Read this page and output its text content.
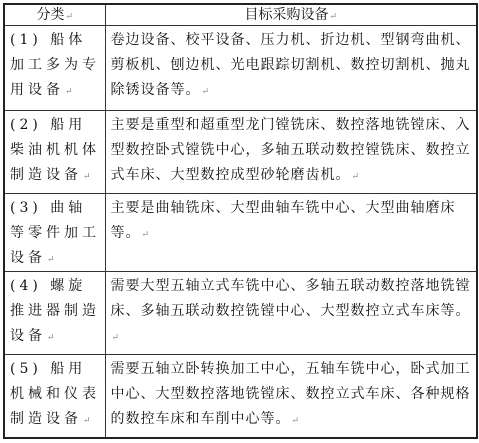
分类↵	目标采购设备↵
(1) 船体加工多为专用设备↵	卷边设备、校平设备、压力机、折边机、型钢弯曲机、剪板机、刨边机、光电跟踪切割机、数控切割机、抛丸除锈设备等。↵
(2) 船用柴油机机体制造设备↵	主要是重型和超重型龙门镗铣床、数控落地铣镗床、入型数控卧式镗铣中心，多轴五联动数控镗铣床、数控立式车床、大型数控成型砂轮磨齿机。↵
(3) 曲轴等零件加工设备↵	主要是曲轴铣床、大型曲轴车铣中心、大型曲轴磨床等。↵
(4) 螺旋推进器制造设备↵	需要大型五轴立式车铣中心、多轴五联动数控落地铣镗床、多轴五联动数控铣镗中心、大型数控立式车床等。↵
(5) 船用机械和仪表制造设备↵	需要五轴立卧转换加工中心，五轴车铣中心，卧式加工中心、大型数控落地铣镗床、数控立式车床、各种规格的数控车床和车削中心等。↵
